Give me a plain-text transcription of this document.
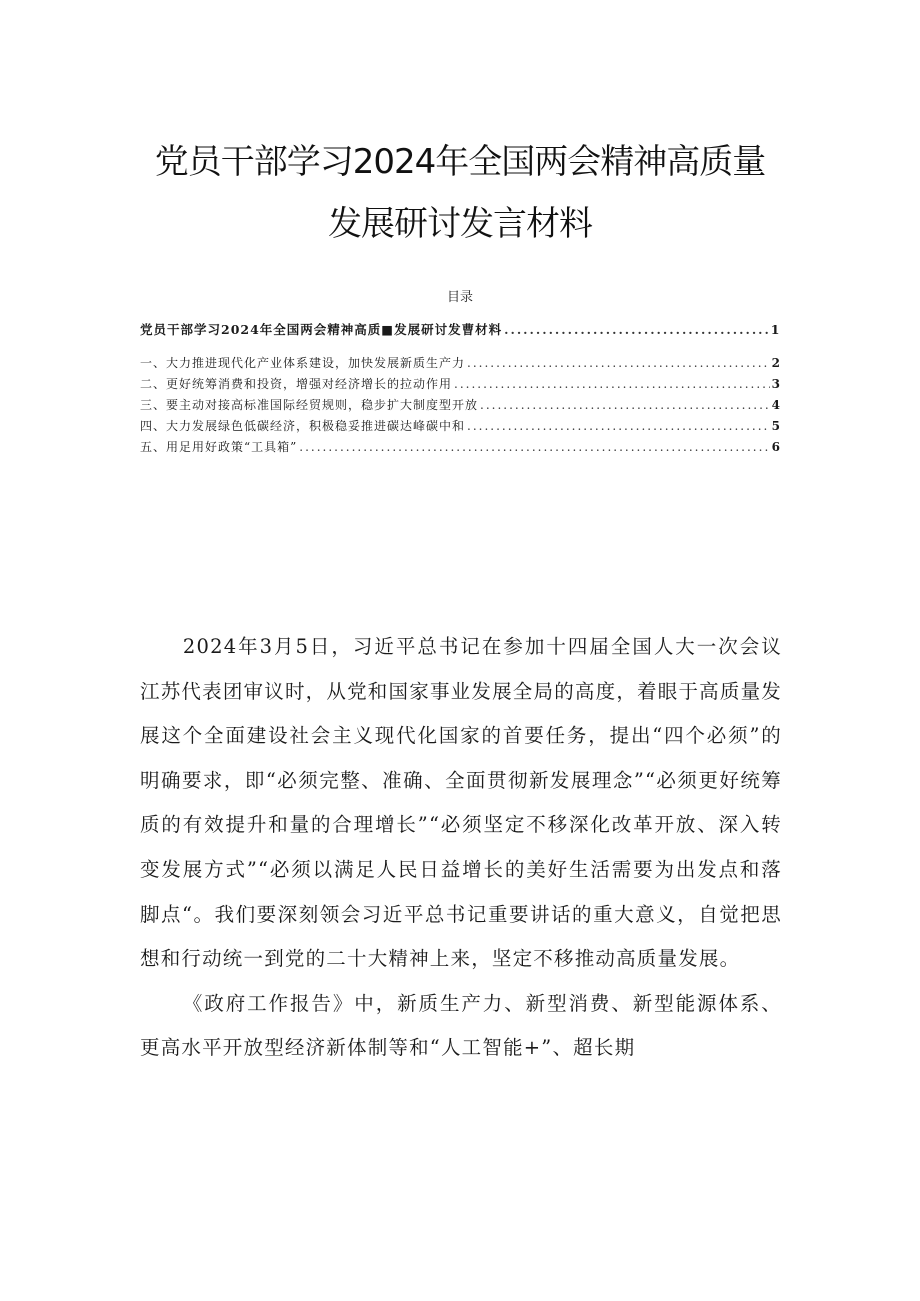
党员干部学习2024年全国两会精神高质量
发展研讨发言材料
目录
党员干部学习2024年全国两会精神高质■发展研讨发曹材料 .....	1
一、大力推进现代化产业体系建设，加快发展新质生产力 .....	2
二、更好统筹消费和投资，增强对经济增长的拉动作用 .....	3
三、要主动对接高标准国际经贸规则，稳步扩大制度型开放 .....	4
四、大力发展绿色低碳经济，积极稳妥推进碳达峰碳中和 .....	5
五、用足用好政策“工具箱” .....	6

2024年3月5日，习近平总书记在参加十四届全国人大一次会议江苏代表团审议时，从党和国家事业发展全局的高度，着眼于高质量发展这个全面建设社会主义现代化国家的首要任务，提出“四个必须”的明确要求，即“必须完整、准确、全面贯彻新发展理念”“必须更好统筹质的有效提升和量的合理增长”“必须坚定不移深化改革开放、深入转变发展方式”“必须以满足人民日益增长的美好生活需要为出发点和落脚点“。我们要深刻领会习近平总书记重要讲话的重大意义，自觉把思想和行动统一到党的二十大精神上来，坚定不移推动高质量发展。

《政府工作报告》中，新质生产力、新型消费、新型能源体系、更高水平开放型经济新体制等和“人工智能+”、超长期
